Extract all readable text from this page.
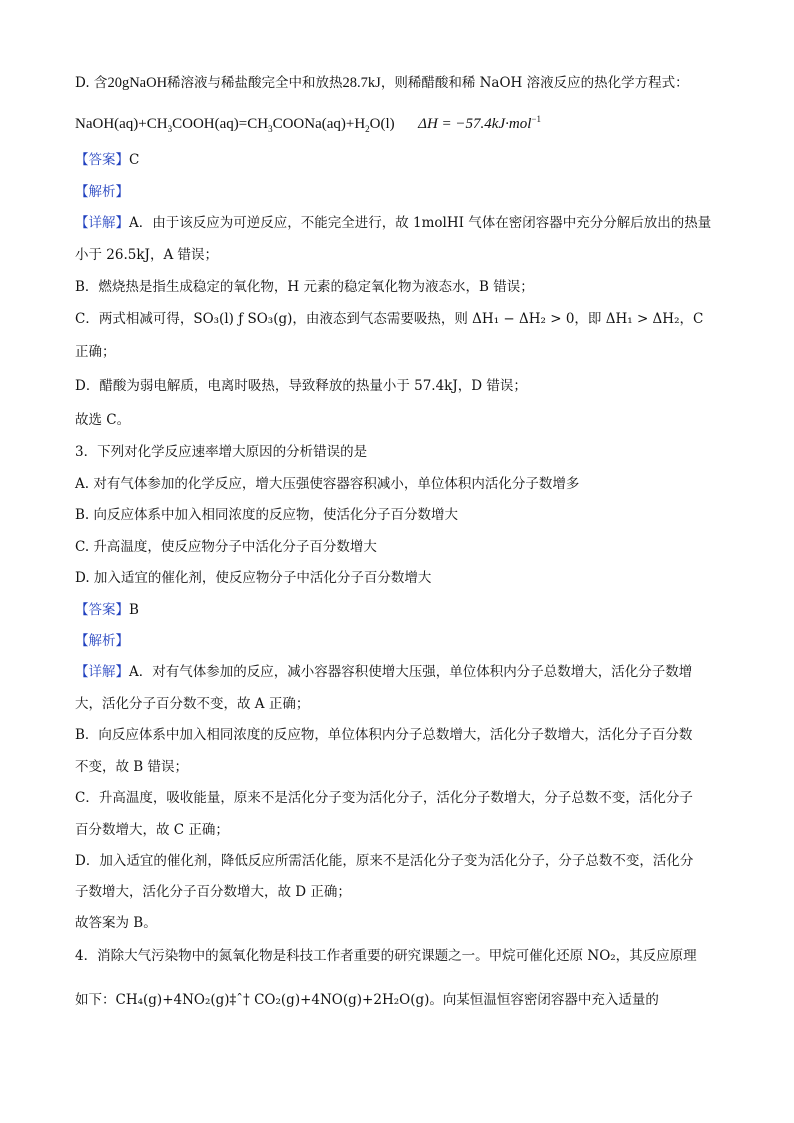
D. 含20gNaOH稀溶液与稀盐酸完全中和放热28.7kJ，则稀醋酸和稀 NaOH 溶液反应的热化学方程式：
$NaOH(aq)+CH_3COOH(aq)=CH_3COONa(aq)+H_2O(l) \Delta H = -57.4kJ\cdot mol^{-1}$
【答案】C
【解析】
【详解】A．由于该反应为可逆反应，不能完全进行，故 1molHI 气体在密闭容器中充分分解后放出的热量
小于 26.5kJ，A 错误；
B．燃烧热是指生成稳定的氧化物，H 元素的稳定氧化物为液态水，B 错误；
C．两式相减可得，SO₃(l) ƒ SO₃(g)，由液态到气态需要吸热，则 ΔH₁ − ΔH₂ > 0，即 ΔH₁ > ΔH₂，C
正确；
D．醋酸为弱电解质，电离时吸热，导致释放的热量小于 57.4kJ，D 错误；
故选 C。
3．下列对化学反应速率增大原因的分析错误的是
A. 对有气体参加的化学反应，增大压强使容器容积减小，单位体积内活化分子数增多
B. 向反应体系中加入相同浓度的反应物，使活化分子百分数增大
C. 升高温度，使反应物分子中活化分子百分数增大
D. 加入适宜的催化剂，使反应物分子中活化分子百分数增大
【答案】B
【解析】
【详解】A．对有气体参加的反应，减小容器容积使增大压强，单位体积内分子总数增大，活化分子数增
大，活化分子百分数不变，故 A 正确；
B．向反应体系中加入相同浓度的反应物，单位体积内分子总数增大，活化分子数增大，活化分子百分数
不变，故 B 错误；
C．升高温度，吸收能量，原来不是活化分子变为活化分子，活化分子数增大，分子总数不变，活化分子
百分数增大，故 C 正确；
D．加入适宜的催化剂，降低反应所需活化能，原来不是活化分子变为活化分子，分子总数不变，活化分
子数增大，活化分子百分数增大，故 D 正确；
故答案为 B。
4．消除大气污染物中的氮氧化物是科技工作者重要的研究课题之一。甲烷可催化还原 NO₂，其反应原理
如下：CH₄(g)+4NO₂(g)‡ˆ† CO₂(g)+4NO(g)+2H₂O(g)。向某恒温恒容密闭容器中充入适量的
